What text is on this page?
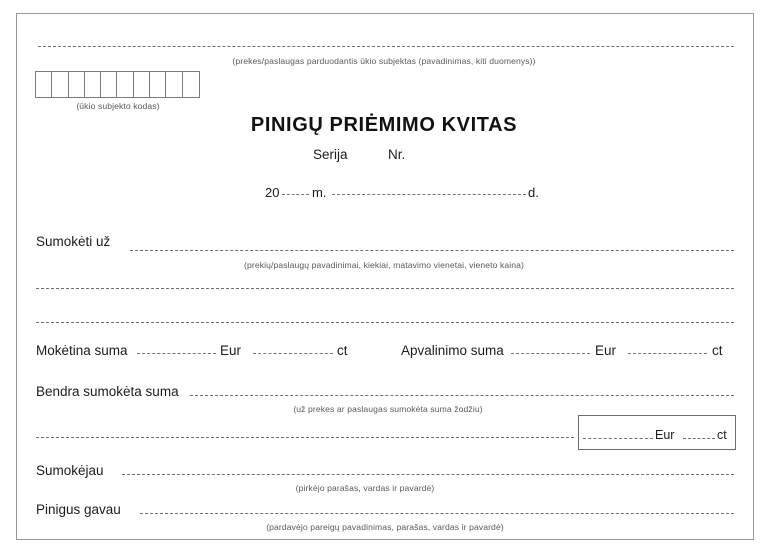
(prekes/paslaugas parduodantis ūkio subjektas (pavadinimas, kiti duomenys))
(ūkio subjekto kodas)
PINIGŲ PRIĖMIMO KVITAS
Serija	Nr.
20	m.	d.
Sumokėti už
(prekių/paslaugų pavadinimai, kiekiai, matavimo vienetai, vieneto kaina)
Mokėtina suma	Eur	ct	Apvalinimo suma	Eur	ct
Bendra sumokėta suma
(už prekes ar paslaugas sumokėta suma žodžiu)
Eur	ct
Sumokėjau
(pirkėjo parašas, vardas ir pavardė)
Pinigus gavau
(pardavėjo pareigų pavadinimas, parašas, vardas ir pavardė)
